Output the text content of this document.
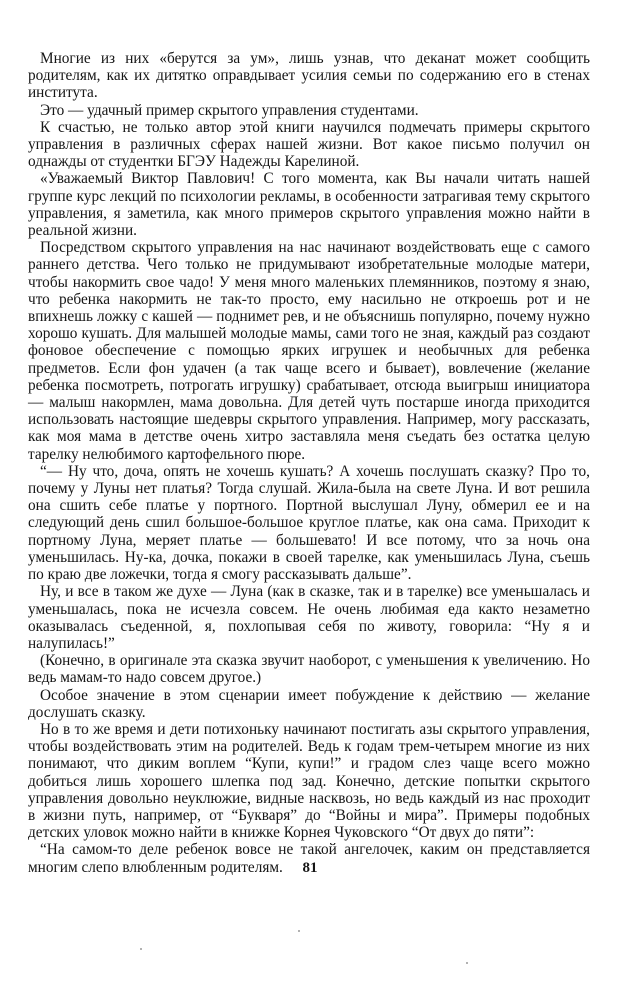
Многие из них «берутся за ум», лишь узнав, что деканат может сообщить родителям, как их дитятко оправдывает усилия семьи по содержанию его в стенах института.

Это — удачный пример скрытого управления студентами.

К счастью, не только автор этой книги научился подмечать примеры скрытого управления в различных сферах нашей жизни. Вот какое письмо получил он однажды от студентки БГЭУ Надежды Карелиной.

«Уважаемый Виктор Павлович! С того момента, как Вы начали читать нашей группе курс лекций по психологии рекламы, в особенности затрагивая тему скрытого управления, я заметила, как много примеров скрытого управления можно найти в реальной жизни.

Посредством скрытого управления на нас начинают воздействовать еще с самого раннего детства. Чего только не придумывают изобретательные молодые матери, чтобы накормить свое чадо! У меня много маленьких племянников, поэтому я знаю, что ребенка накормить не так-то просто, ему насильно не откроешь рот и не впихнешь ложку с кашей — поднимет рев, и не объяснишь популярно, почему нужно хорошо кушать. Для малышей молодые мамы, сами того не зная, каждый раз создают фоновое обеспечение с помощью ярких игрушек и необычных для ребенка предметов. Если фон удачен (а так чаще всего и бывает), вовлечение (желание ребенка посмотреть, потрогать игрушку) срабатывает, отсюда выигрыш инициатора — малыш накормлен, мама довольна. Для детей чуть постарше иногда приходится использовать настоящие шедевры скрытого управления. Например, могу рассказать, как моя мама в детстве очень хитро заставляла меня съедать без остатка целую тарелку нелюбимого картофельного пюре.

“— Ну что, доча, опять не хочешь кушать? А хочешь послушать сказку? Про то, почему у Луны нет платья? Тогда слушай. Жила-была на свете Луна. И вот решила она сшить себе платье у портного. Портной выслушал Луну, обмерил ее и на следующий день сшил большое-большое круглое платье, как она сама. Приходит к портному Луна, меряет платье — большевато! И все потому, что за ночь она уменьшилась. Ну-ка, дочка, покажи в своей тарелке, как уменьшилась Луна, съешь по краю две ложечки, тогда я смогу рассказывать дальше”.

Ну, и все в таком же духе — Луна (как в сказке, так и в тарелке) все уменьшалась и уменьшалась, пока не исчезла совсем. Не очень любимая еда както незаметно оказывалась съеденной, я, похлопывая себя по животу, говорила: “Ну я и налупилась!”

(Конечно, в оригинале эта сказка звучит наоборот, с уменьшения к увеличению. Но ведь мамам-то надо совсем другое.)

Особое значение в этом сценарии имеет побуждение к действию — желание дослушать сказку.

Но в то же время и дети потихоньку начинают постигать азы скрытого управления, чтобы воздействовать этим на родителей. Ведь к годам трем-четырем многие из них понимают, что диким воплем “Купи, купи!” и градом слез чаще всего можно добиться лишь хорошего шлепка под зад. Конечно, детские попытки скрытого управления довольно неуклюжие, видные насквозь, но ведь каждый из нас проходит в жизни путь, например, от “Букваря” до “Войны и мира”. Примеры подобных детских уловок можно найти в книжке Корнея Чуковского “От двух до пяти”:

“На самом-то деле ребенок вовсе не такой ангелочек, каким он представляется многим слепо влюбленным родителям.	81
